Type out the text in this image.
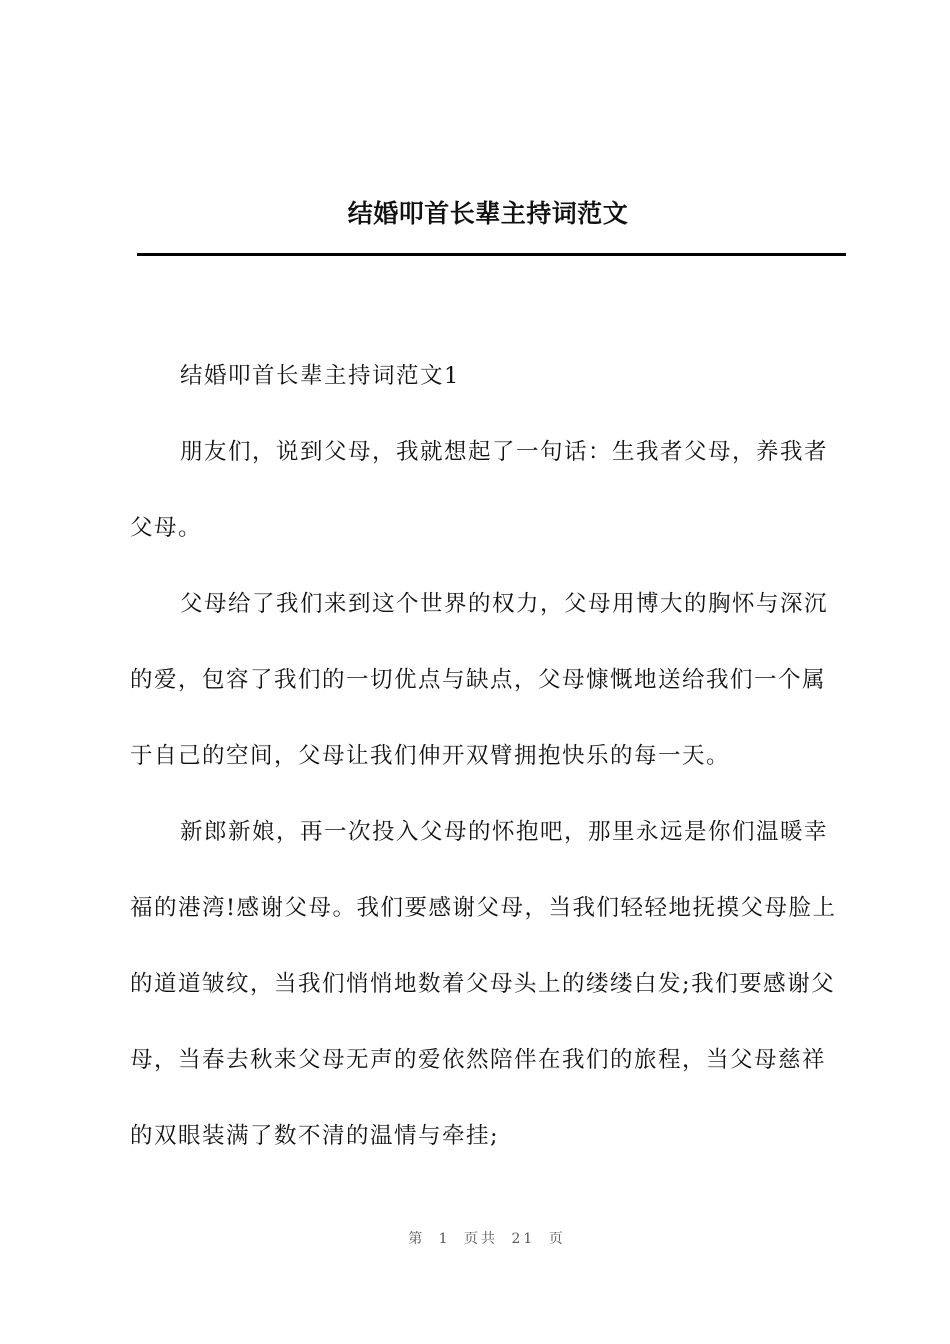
结婚叩首长辈主持词范文

结婚叩首长辈主持词范文1

朋友们，说到父母，我就想起了一句话：生我者父母，养我者父母。

父母给了我们来到这个世界的权力，父母用博大的胸怀与深沉的爱，包容了我们的一切优点与缺点，父母慷慨地送给我们一个属于自己的空间，父母让我们伸开双臂拥抱快乐的每一天。

新郎新娘，再一次投入父母的怀抱吧，那里永远是你们温暖幸福的港湾!感谢父母。我们要感谢父母，当我们轻轻地抚摸父母脸上的道道皱纹，当我们悄悄地数着父母头上的缕缕白发;我们要感谢父母，当春去秋来父母无声的爱依然陪伴在我们的旅程，当父母慈祥的双眼装满了数不清的温情与牵挂;

第 1 页共 21 页
